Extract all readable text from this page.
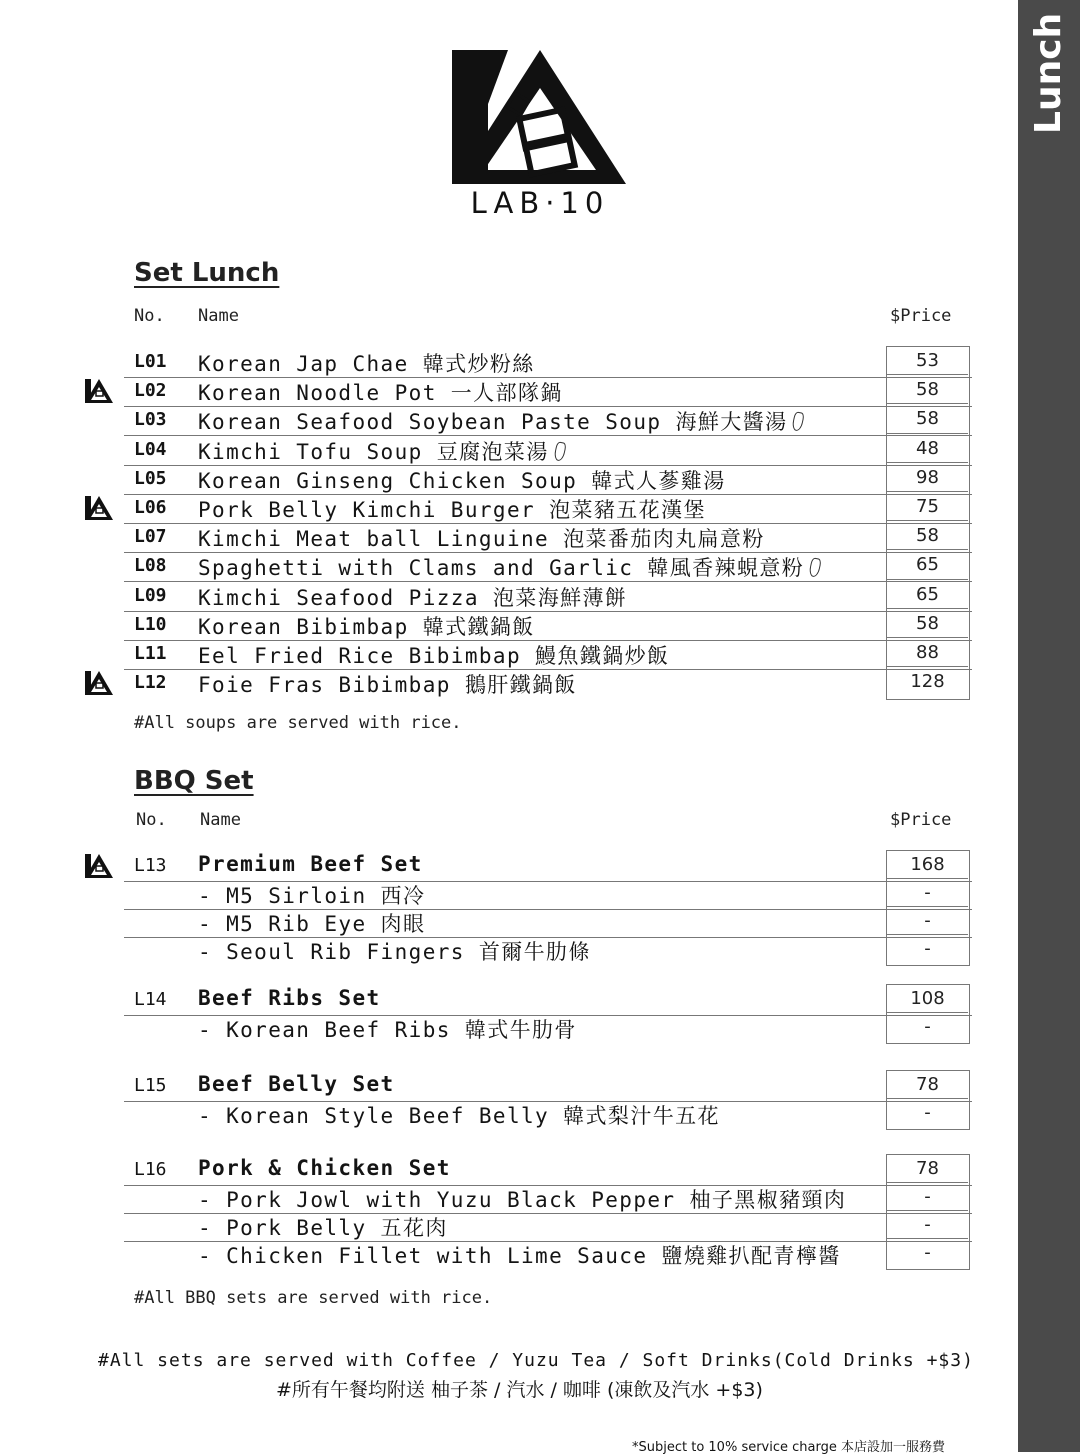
Lunch
LAB·10
Set Lunch
No. Name	$Price
L01 Korean Jap Chae 韓式炒粉絲
L02 Korean Noodle Pot 一人部隊鍋
L03 Korean Seafood Soybean Paste Soup 海鮮大醬湯
L04 Kimchi Tofu Soup 豆腐泡菜湯
L05 Korean Ginseng Chicken Soup 韓式人蔘雞湯
L06 Pork Belly Kimchi Burger 泡菜豬五花漢堡
L07 Kimchi Meat ball Linguine 泡菜番茄肉丸扁意粉
L08 Spaghetti with Clams and Garlic 韓風香辣蜆意粉
L09 Kimchi Seafood Pizza 泡菜海鮮薄餅
L10 Korean Bibimbap 韓式鐵鍋飯
L11 Eel Fried Rice Bibimbap 鰻魚鐵鍋炒飯
L12 Foie Fras Bibimbap 鵝肝鐵鍋飯
53
58
58
48
98
75
58
65
65
58
88
128
#All soups are served with rice.
BBQ Set
No. Name	$Price
L13 Premium Beef Set
- M5 Sirloin 西冷
- M5 Rib Eye 肉眼
- Seoul Rib Fingers 首爾牛肋條
168
-
-
-
L14 Beef Ribs Set
- Korean Beef Ribs 韓式牛肋骨
108
-
L15 Beef Belly Set
- Korean Style Beef Belly 韓式梨汁牛五花
78
-
L16 Pork & Chicken Set
- Pork Jowl with Yuzu Black Pepper 柚子黑椒豬頸肉
- Pork Belly 五花肉
- Chicken Fillet with Lime Sauce 鹽燒雞扒配青檸醬
78
-
-
-
#All BBQ sets are served with rice.
#All sets are served with Coffee / Yuzu Tea / Soft Drinks(Cold Drinks +$3)
#所有午餐均附送 柚子茶 / 汽水 / 咖啡 (凍飲及汽水 +$3)
*Subject to 10% service charge 本店設加一服務費
